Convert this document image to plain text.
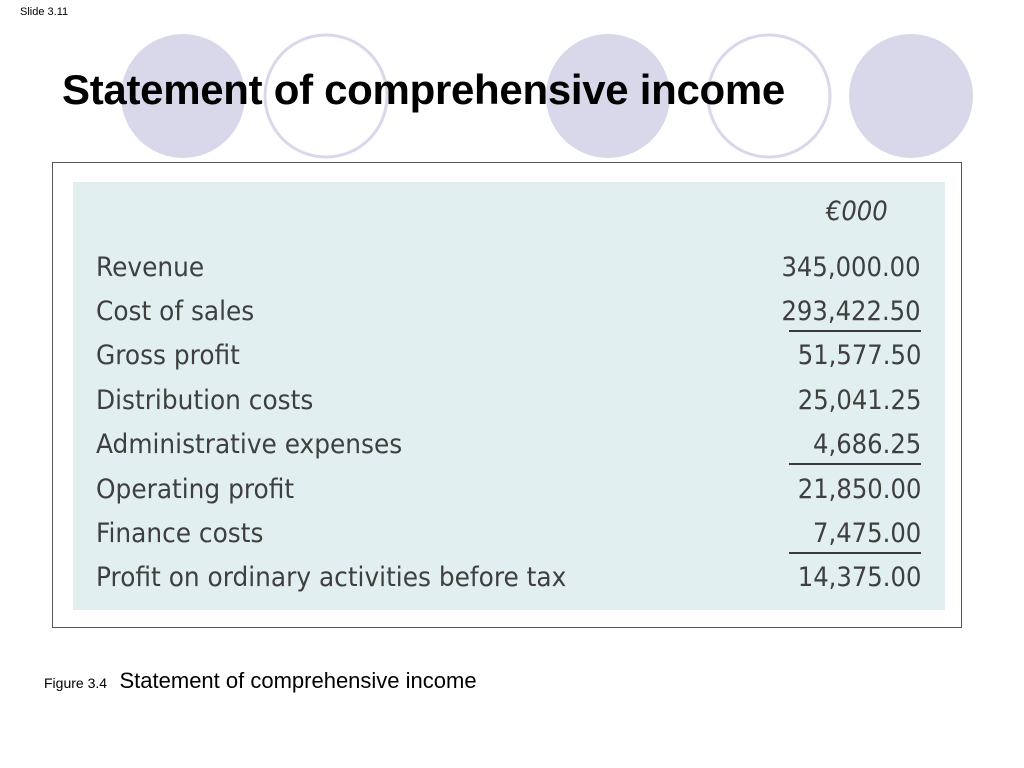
Slide 3.11
Statement of comprehensive income
€000
Revenue	345,000.00
Cost of sales	293,422.50
Gross profit	51,577.50
Distribution costs	25,041.25
Administrative expenses	4,686.25
Operating profit	21,850.00
Finance costs	7,475.00
Profit on ordinary activities before tax	14,375.00
Figure 3.4 Statement of comprehensive income
